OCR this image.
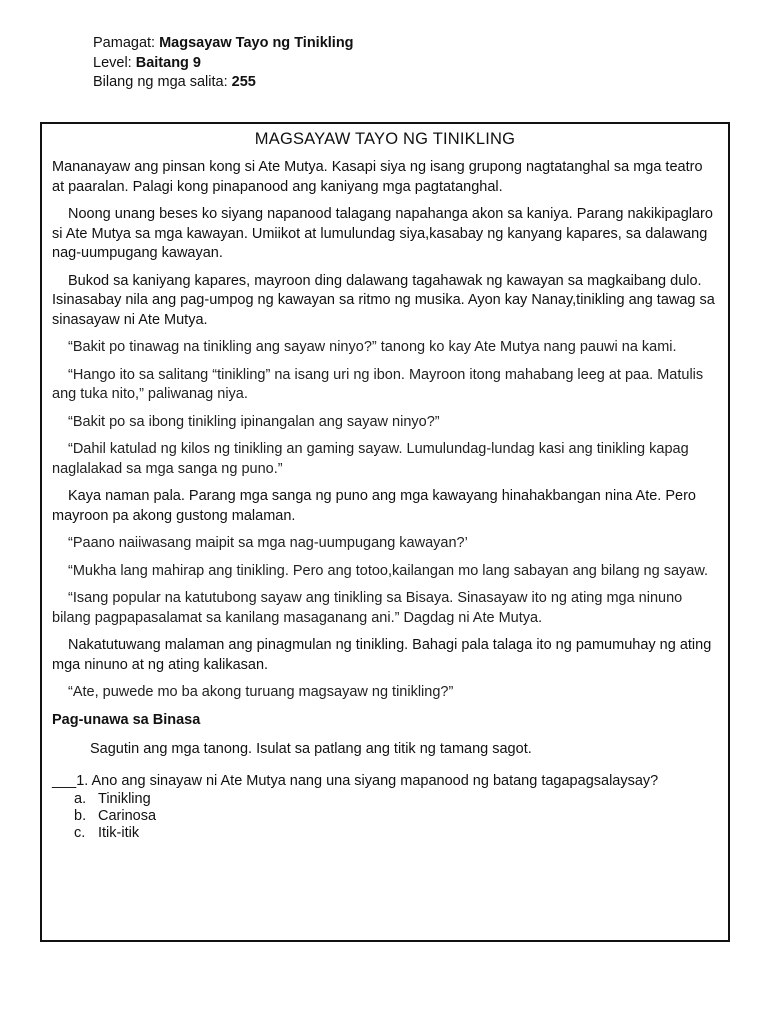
Pamagat: Magsayaw Tayo ng Tinikling

Level: Baitang 9

Bilang ng mga salita: 255

MAGSAYAW TAYO NG TINIKLING

Mananayaw ang pinsan kong si Ate Mutya. Kasapi siya ng isang grupong nagtatanghal sa mga teatro at paaralan. Palagi kong pinapanood ang kaniyang mga pagtatanghal.

Noong unang beses ko siyang napanood talagang napahanga akon sa kaniya. Parang nakikipaglaro si Ate Mutya sa mga kawayan. Umiikot at lumulundag siya,kasabay ng kanyang kapares, sa dalawang nag-uumpugang kawayan.

Bukod sa kaniyang kapares, mayroon ding dalawang tagahawak ng kawayan sa magkaibang dulo. Isinasabay nila ang pag-umpog ng kawayan sa ritmo ng musika. Ayon kay Nanay,tinikling ang tawag sa sinasayaw ni Ate Mutya.

“Bakit po tinawag na tinikling ang sayaw ninyo?” tanong ko kay Ate Mutya nang pauwi na kami.

“Hango ito sa salitang “tinikling” na isang uri ng ibon. Mayroon itong mahabang leeg at paa. Matulis ang tuka nito,” paliwanag niya.

“Bakit po sa ibong tinikling ipinangalan ang sayaw ninyo?”

“Dahil katulad ng kilos ng tinikling an gaming sayaw. Lumulundag-lundag kasi ang tinikling kapag naglalakad sa mga sanga ng puno.”

Kaya naman pala. Parang mga sanga ng puno ang mga kawayang hinahakbangan nina Ate. Pero mayroon pa akong gustong malaman.

“Paano naiiwasang maipit sa mga nag-uumpugang kawayan?’

“Mukha lang mahirap ang tinikling. Pero ang totoo,kailangan mo lang sabayan ang bilang ng sayaw.

“Isang popular na katutubong sayaw ang tinikling sa Bisaya. Sinasayaw ito ng ating mga ninuno bilang pagpapasalamat sa kanilang masaganang ani.” Dagdag ni Ate Mutya.

Nakatutuwang malaman ang pinagmulan ng tinikling. Bahagi pala talaga ito ng pamumuhay ng ating mga ninuno at ng ating kalikasan.

“Ate, puwede mo ba akong turuang magsayaw ng tinikling?”

Pag-unawa sa Binasa

Sagutin ang mga tanong. Isulat sa patlang ang titik ng tamang sagot.

___1. Ano ang sinayaw ni Ate Mutya nang una siyang mapanood ng batang tagapagsalaysay?

a. Tinikling
b. Carinosa
c. Itik-itik
